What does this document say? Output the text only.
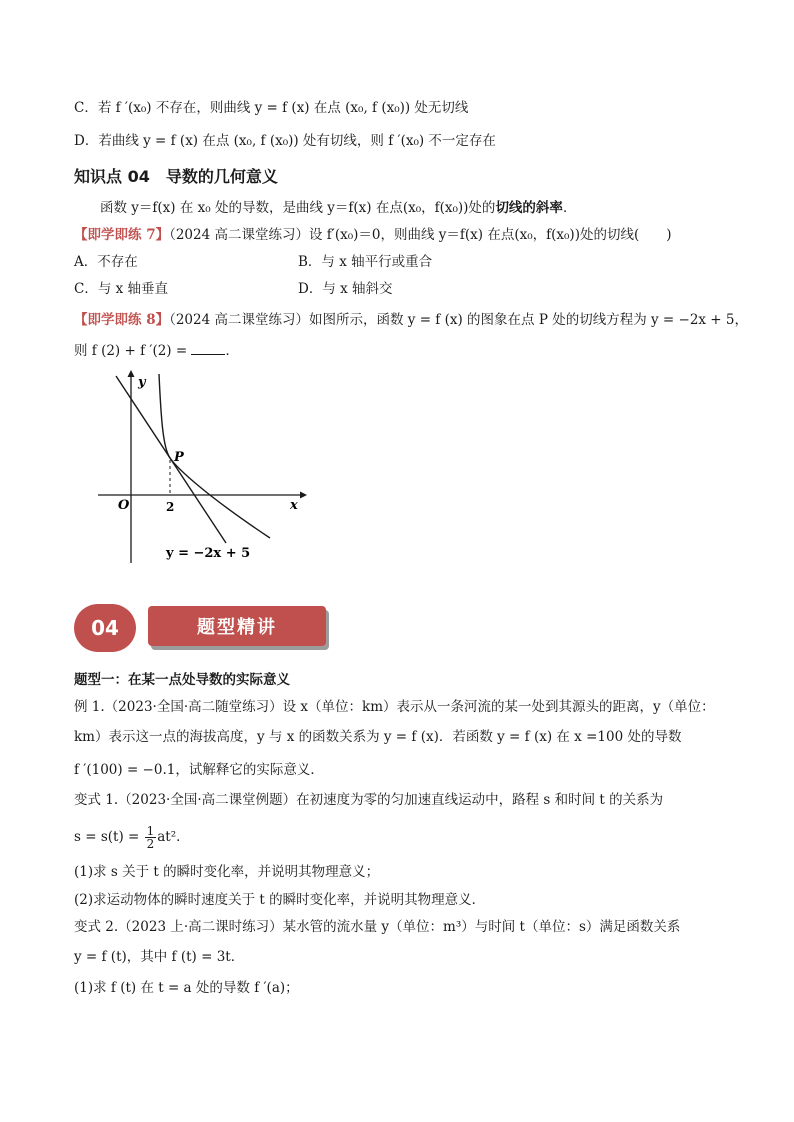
C．若 f ′(x₀) 不存在，则曲线 y = f (x) 在点 (x₀, f (x₀)) 处无切线
D．若曲线 y = f (x) 在点 (x₀, f (x₀)) 处有切线，则 f ′(x₀) 不一定存在
知识点 04　导数的几何意义
函数 y＝f(x) 在 x₀ 处的导数，是曲线 y＝f(x) 在点(x₀，f(x₀))处的切线的斜率．
【即学即练 7】（2024 高二课堂练习）设 f′(x₀)＝0，则曲线 y＝f(x) 在点(x₀，f(x₀))处的切线(　　)
A．不存在	B．与 x 轴平行或重合
C．与 x 轴垂直	D．与 x 轴斜交
【即学即练 8】（2024 高二课堂练习）如图所示，函数 y = f (x) 的图象在点 P 处的切线方程为 y = −2x + 5，
则 f (2) + f ′(2) =	．
y
x
O	2
P
y = −2x + 5
04	题型精讲
题型一：在某一点处导数的实际意义
例 1.（2023·全国·高二随堂练习）设 x（单位：km）表示从一条河流的某一处到其源头的距离，y（单位：
km）表示这一点的海拔高度，y 与 x 的函数关系为 y = f (x)．若函数 y = f (x) 在 x =100 处的导数
f ′(100) = −0.1，试解释它的实际意义．
变式 1.（2023·全国·高二课堂例题）在初速度为零的匀加速直线运动中，路程 s 和时间 t 的关系为
$s = s(t) = \frac{1}{2} at^2$．
(1)求 s 关于 t 的瞬时变化率，并说明其物理意义；
(2)求运动物体的瞬时速度关于 t 的瞬时变化率，并说明其物理意义．
变式 2.（2023 上·高二课时练习）某水管的流水量 y（单位：m³）与时间 t（单位：s）满足函数关系
y = f (t)，其中 f (t) = 3t．
(1)求 f (t) 在 t = a 处的导数 f ′(a)；
